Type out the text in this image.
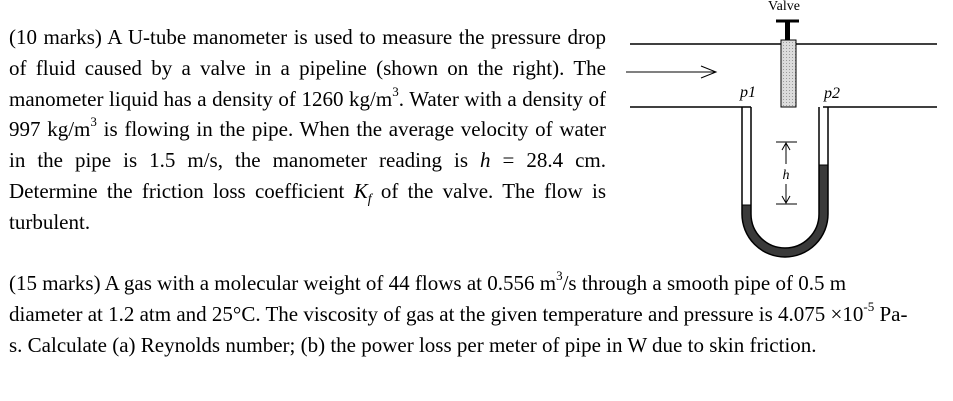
(10 marks) A U-tube manometer is used to measure the pressure drop of fluid caused by a valve in a pipeline (shown on the right). The manometer liquid has a density of 1260 $kg/m^3$. Water with a density of 997 $kg/m^3$ is flowing in the pipe. When the average velocity of water in the pipe is 1.5 m/s, the manometer reading is h = 28.4 cm. Determine the friction loss coefficient $K_f$ of the valve. The flow is turbulent.
(15 marks) A gas with a molecular weight of 44 flows at 0.556 $m^3/s$ through a smooth pipe of 0.5 m diameter at 1.2 atm and 25°C. The viscosity of gas at the given temperature and pressure is $4.075 \times 10^{-5}$ Pa-s. Calculate (a) Reynolds number; (b) the power loss per meter of pipe in W due to skin friction.
Valve
p1	p2
h
